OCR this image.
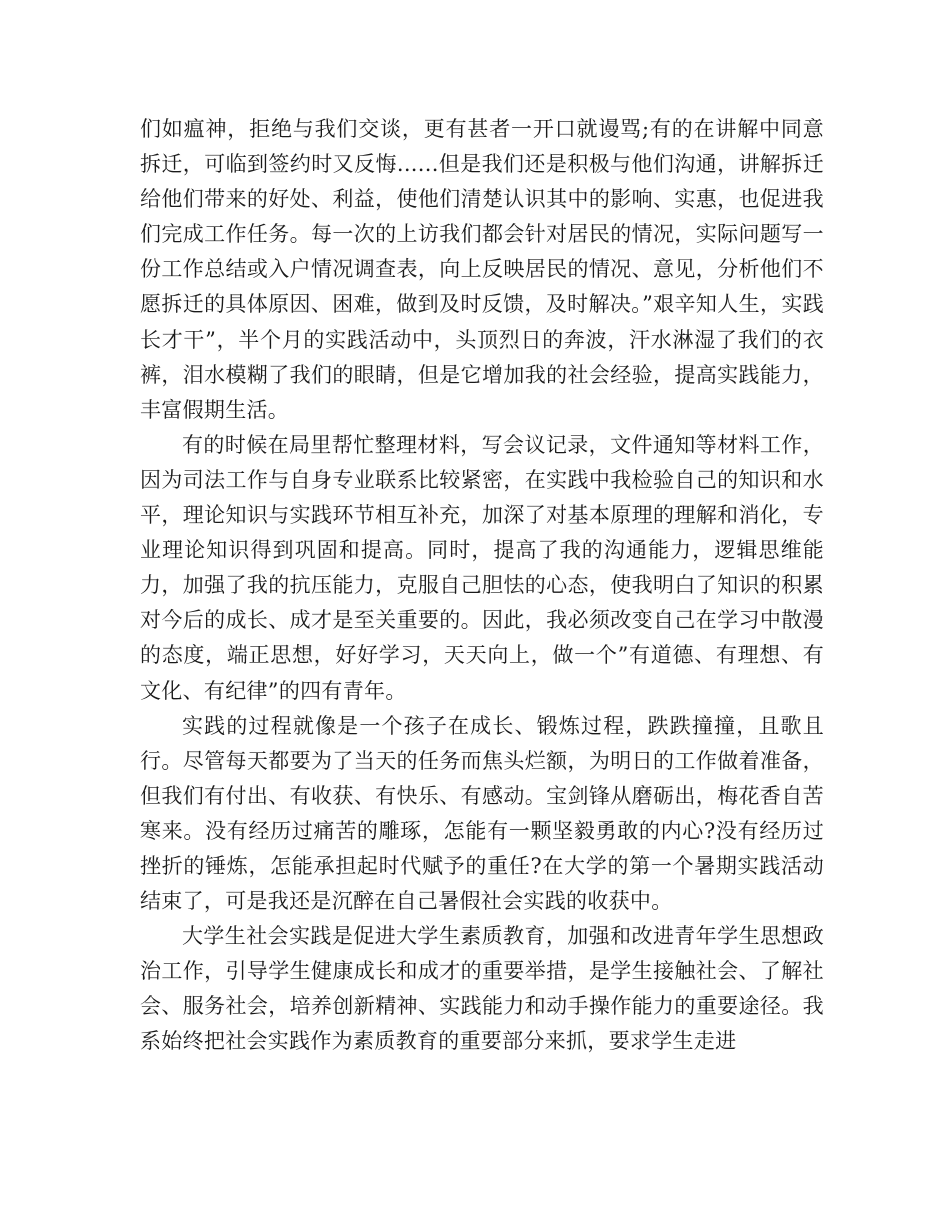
们如瘟神，拒绝与我们交谈，更有甚者一开口就谩骂;有的在讲解中同意拆迁，可临到签约时又反悔......但是我们还是积极与他们沟通，讲解拆迁给他们带来的好处、利益，使他们清楚认识其中的影响、实惠，也促进我们完成工作任务。每一次的上访我们都会针对居民的情况，实际问题写一份工作总结或入户情况调查表，向上反映居民的情况、意见，分析他们不愿拆迁的具体原因、困难，做到及时反馈，及时解决。”艰辛知人生，实践长才干”，半个月的实践活动中，头顶烈日的奔波，汗水淋湿了我们的衣裤，泪水模糊了我们的眼睛，但是它增加我的社会经验，提高实践能力，丰富假期生活。

有的时候在局里帮忙整理材料，写会议记录，文件通知等材料工作，因为司法工作与自身专业联系比较紧密，在实践中我检验自己的知识和水平，理论知识与实践环节相互补充，加深了对基本原理的理解和消化，专业理论知识得到巩固和提高。同时，提高了我的沟通能力，逻辑思维能力，加强了我的抗压能力，克服自己胆怯的心态，使我明白了知识的积累对今后的成长、成才是至关重要的。因此，我必须改变自己在学习中散漫的态度，端正思想，好好学习，天天向上，做一个”有道德、有理想、有文化、有纪律”的四有青年。

实践的过程就像是一个孩子在成长、锻炼过程，跌跌撞撞，且歌且行。尽管每天都要为了当天的任务而焦头烂额，为明日的工作做着准备，但我们有付出、有收获、有快乐、有感动。宝剑锋从磨砺出，梅花香自苦寒来。没有经历过痛苦的雕琢，怎能有一颗坚毅勇敢的内心?没有经历过挫折的锤炼，怎能承担起时代赋予的重任?在大学的第一个暑期实践活动结束了，可是我还是沉醉在自己暑假社会实践的收获中。

大学生社会实践是促进大学生素质教育，加强和改进青年学生思想政治工作，引导学生健康成长和成才的重要举措，是学生接触社会、了解社会、服务社会，培养创新精神、实践能力和动手操作能力的重要途径。我系始终把社会实践作为素质教育的重要部分来抓，要求学生走进
